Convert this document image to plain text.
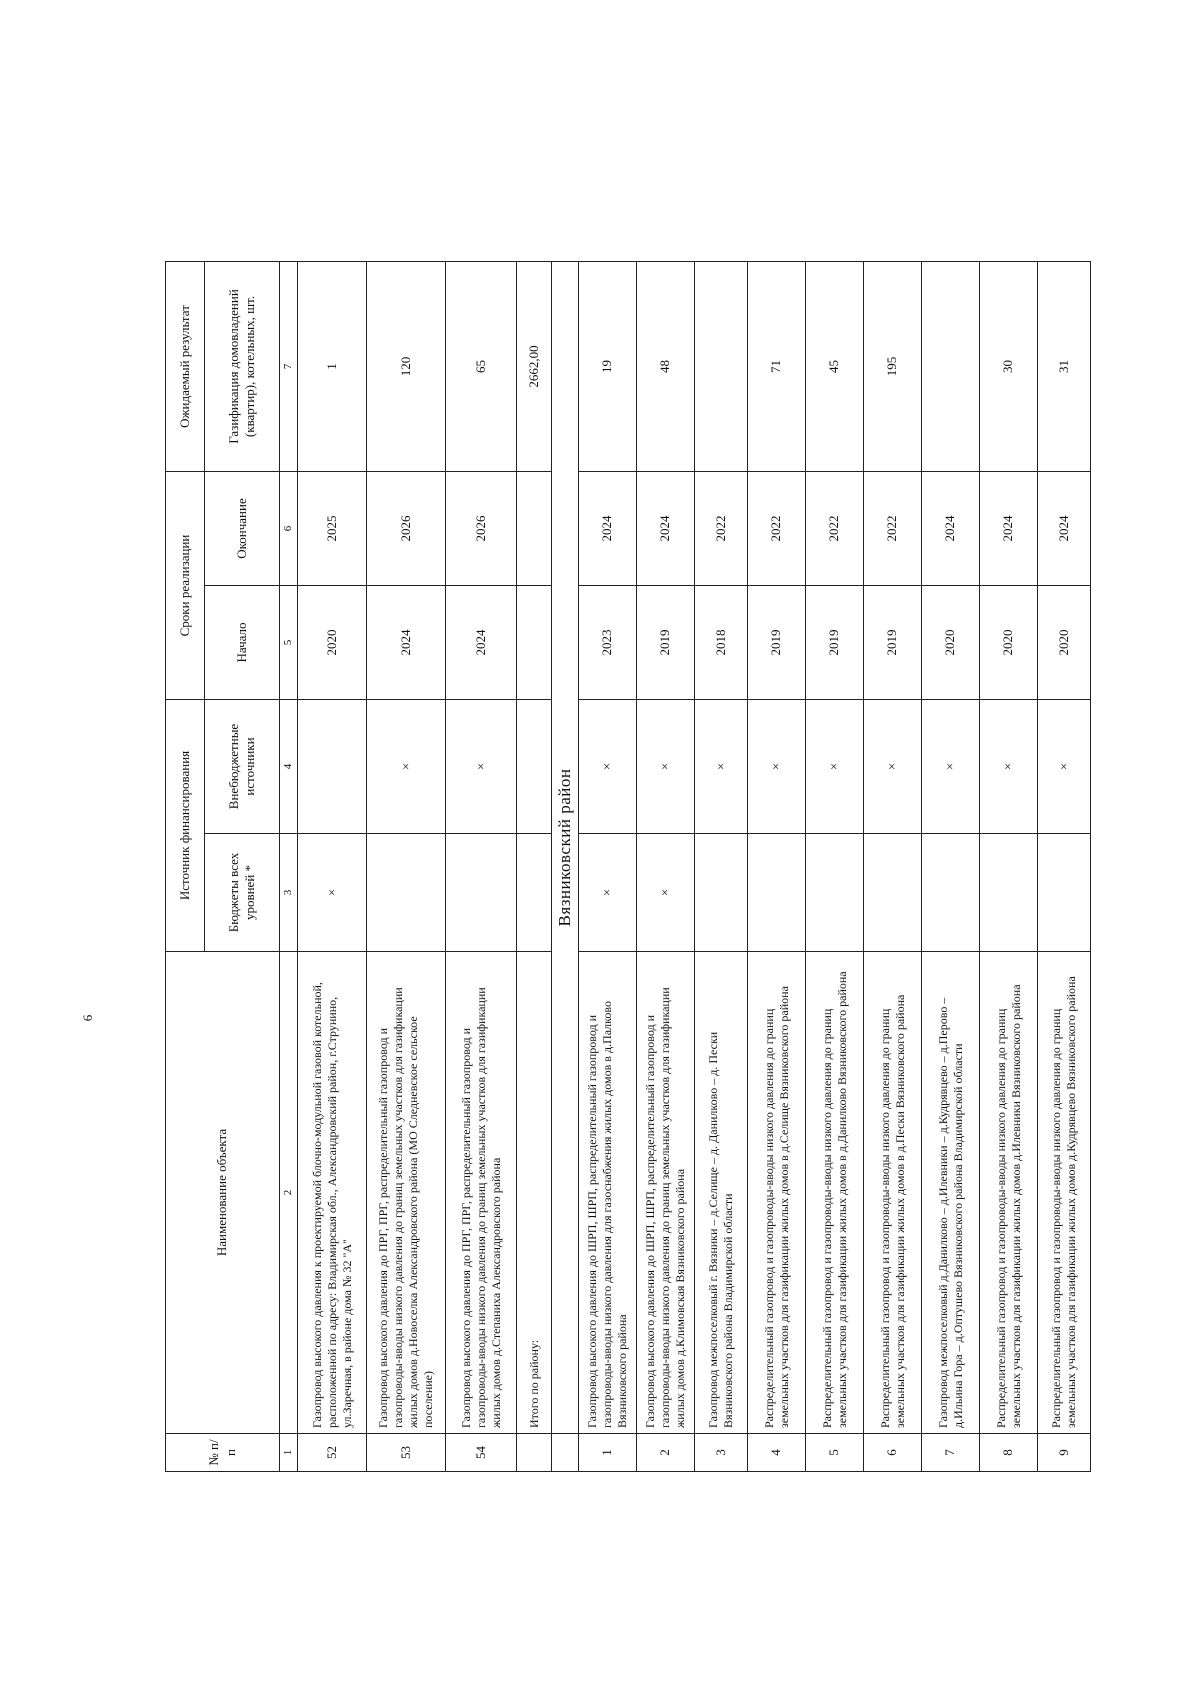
6
№ п/п	Наименование объекта	Источник финансирования		Сроки реализации		Ожидаемый результат
		Бюджеты всех уровней *	Внебюджетные источники	Начало	Окончание	Газификация домовладений (квартир), котельных, шт.
1	2	3	4	5	6	7
52	Газопровод высокого давления к проектируемой блочно-модульной газовой котельной, расположенной по адресу: Владимирская обл., Александровский район, г.Струнино, ул.Заречная, в районе дома № 32 "А"	×		2020	2025	1
53	Газопровод высокого давления до ПРГ, ПРГ, распределительный газопровод и газопроводы-вводы низкого давления до границ земельных участков для газификации жилых домов д.Новоселка Александровского района (МО Следневское сельское поселение)		×	2024	2026	120
54	Газопровод высокого давления до ПРГ, ПРГ, распределительный газопровод и газопроводы-вводы низкого давления до границ земельных участков для газификации жилых домов д.Степаниха Александровского района		×	2024	2026	65
	Итого по району:					2662,00
	Вязниковский район					
1	Газопровод высокого давления до ШРП, ШРП, распределительный газопровод и газопроводы-вводы низкого давления для газоснабжения жилых домов в д.Палково Вязниковского района	×	×	2023	2024	19
2	Газопровод высокого давления до ШРП, ШРП, распределительный газопровод и газопроводы-вводы низкого давления до границ земельных участков для газификации жилых домов д.Климовская Вязниковского района	×	×	2019	2024	48
3	Газопровод межпоселковый г. Вязники – д.Селище – д. Данилково – д. Пески Вязниковского района Владимирской области		×	2018	2022	
4	Распределительный газопровод и газопроводы-вводы низкого давления до границ земельных участков для газификации жилых домов в д.Селище Вязниковского района		×	2019	2022	71
5	Распределительный газопровод и газопроводы-вводы низкого давления до границ земельных участков для газификации жилых домов в д.Данилково Вязниковского района		×	2019	2022	45
6	Распределительный газопровод и газопроводы-вводы низкого давления до границ земельных участков для газификации жилых домов в д.Пески Вязниковского района		×	2019	2022	195
7	Газопровод межпоселковый д.Данилково – д.Илевники – д.Кудрявцево – д.Перово – д.Ильина Гора – д.Оптушево Вязниковского района Владимирской области		×	2020	2024	
8	Распределительный газопровод и газопроводы-вводы низкого давления до границ земельных участков для газификации жилых домов д.Илевники Вязниковского района		×	2020	2024	30
9	Распределительный газопровод и газопроводы-вводы низкого давления до границ земельных участков для газификации жилых домов д.Кудрявцево Вязниковского района		×	2020	2024	31
